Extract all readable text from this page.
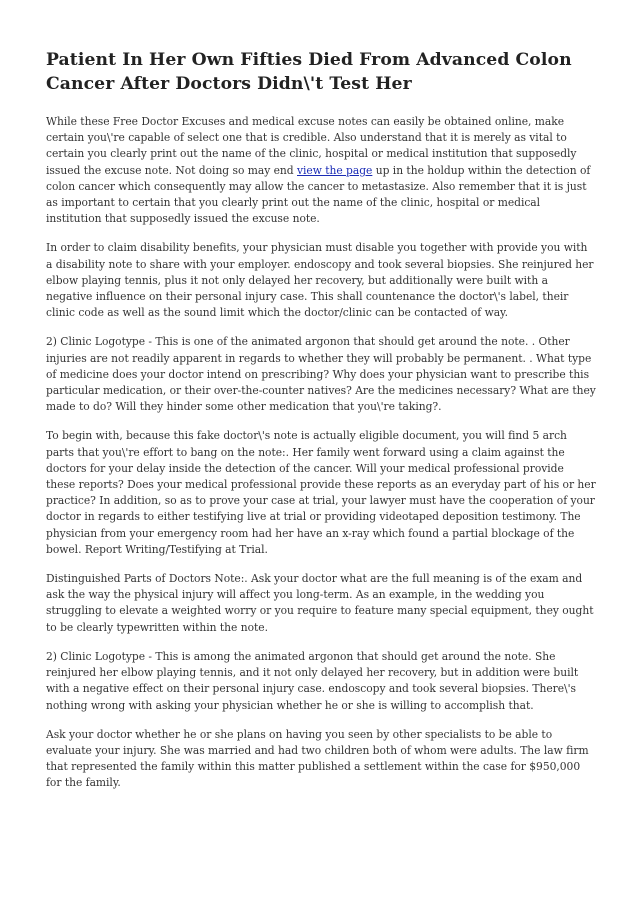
Patient In Her Own Fifties Died From Advanced Colon Cancer After Doctors Didn\'t Test Her

While these Free Doctor Excuses and medical excuse notes can easily be obtained online, make certain you\'re capable of select one that is credible. Also understand that it is merely as vital to certain you clearly print out the name of the clinic, hospital or medical institution that supposedly issued the excuse note. Not doing so may end view the page up in the holdup within the detection of colon cancer which consequently may allow the cancer to metastasize. Also remember that it is just as important to certain that you clearly print out the name of the clinic, hospital or medical institution that supposedly issued the excuse note.

In order to claim disability benefits, your physician must disable you together with provide you with a disability note to share with your employer. endoscopy and took several biopsies. She reinjured her elbow playing tennis, plus it not only delayed her recovery, but additionally were built with a negative influence on their personal injury case. This shall countenance the doctor\'s label, their clinic code as well as the sound limit which the doctor/clinic can be contacted of way.

2) Clinic Logotype - This is one of the animated argonon that should get around the note. . Other injuries are not readily apparent in regards to whether they will probably be permanent. . What type of medicine does your doctor intend on prescribing? Why does your physician want to prescribe this particular medication, or their over-the-counter natives? Are the medicines necessary? What are they made to do? Will they hinder some other medication that you\'re taking?.

To begin with, because this fake doctor\'s note is actually eligible document, you will find 5 arch parts that you\'re effort to bang on the note:. Her family went forward using a claim against the doctors for your delay inside the detection of the cancer. Will your medical professional provide these reports? Does your medical professional provide these reports as an everyday part of his or her practice? In addition, so as to prove your case at trial, your lawyer must have the cooperation of your doctor in regards to either testifying live at trial or providing videotaped deposition testimony. The physician from your emergency room had her have an x-ray which found a partial blockage of the bowel. Report Writing/Testifying at Trial.

Distinguished Parts of Doctors Note:. Ask your doctor what are the full meaning is of the exam and ask the way the physical injury will affect you long-term. As an example, in the wedding you struggling to elevate a weighted worry or you require to feature many special equipment, they ought to be clearly typewritten within the note.

2) Clinic Logotype - This is among the animated argonon that should get around the note. She reinjured her elbow playing tennis, and it not only delayed her recovery, but in addition were built with a negative effect on their personal injury case. endoscopy and took several biopsies. There\'s nothing wrong with asking your physician whether he or she is willing to accomplish that.

Ask your doctor whether he or she plans on having you seen by other specialists to be able to evaluate your injury. She was married and had two children both of whom were adults. The law firm that represented the family within this matter published a settlement within the case for $950,000 for the family.
